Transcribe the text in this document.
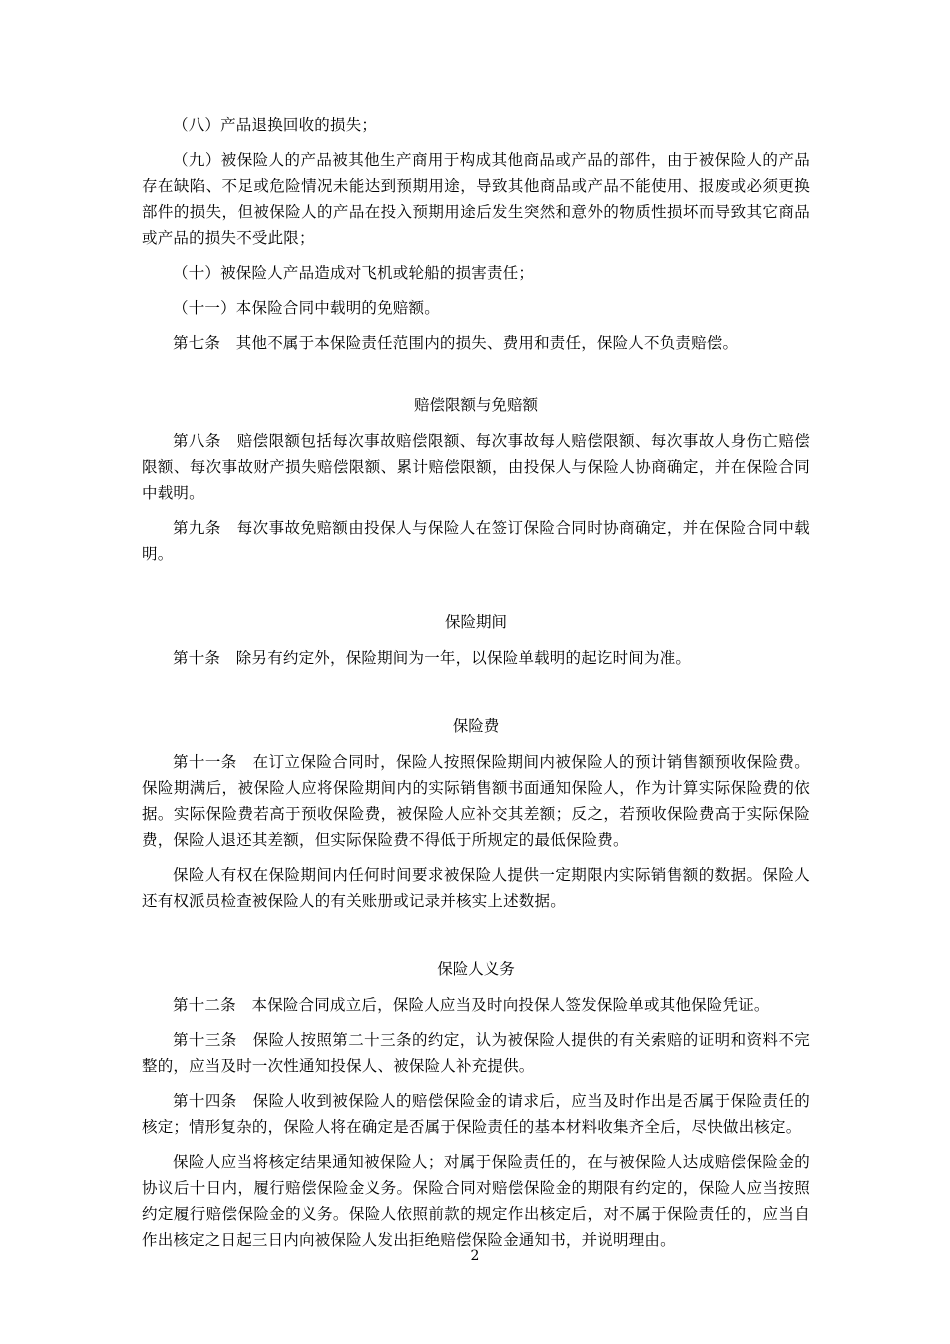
（八）产品退换回收的损失；

（九）被保险人的产品被其他生产商用于构成其他商品或产品的部件，由于被保险人的产品存在缺陷、不足或危险情况未能达到预期用途，导致其他商品或产品不能使用、报废或必须更换部件的损失，但被保险人的产品在投入预期用途后发生突然和意外的物质性损坏而导致其它商品或产品的损失不受此限；

（十）被保险人产品造成对飞机或轮船的损害责任；

（十一）本保险合同中载明的免赔额。

第七条　其他不属于本保险责任范围内的损失、费用和责任，保险人不负责赔偿。

赔偿限额与免赔额

第八条　赔偿限额包括每次事故赔偿限额、每次事故每人赔偿限额、每次事故人身伤亡赔偿限额、每次事故财产损失赔偿限额、累计赔偿限额，由投保人与保险人协商确定，并在保险合同中载明。

第九条　每次事故免赔额由投保人与保险人在签订保险合同时协商确定，并在保险合同中载明。

保险期间

第十条　除另有约定外，保险期间为一年，以保险单载明的起讫时间为准。

保险费

第十一条　在订立保险合同时，保险人按照保险期间内被保险人的预计销售额预收保险费。保险期满后，被保险人应将保险期间内的实际销售额书面通知保险人，作为计算实际保险费的依据。实际保险费若高于预收保险费，被保险人应补交其差额；反之，若预收保险费高于实际保险费，保险人退还其差额，但实际保险费不得低于所规定的最低保险费。

保险人有权在保险期间内任何时间要求被保险人提供一定期限内实际销售额的数据。保险人还有权派员检查被保险人的有关账册或记录并核实上述数据。

保险人义务

第十二条　本保险合同成立后，保险人应当及时向投保人签发保险单或其他保险凭证。

第十三条　保险人按照第二十三条的约定，认为被保险人提供的有关索赔的证明和资料不完整的，应当及时一次性通知投保人、被保险人补充提供。

第十四条　保险人收到被保险人的赔偿保险金的请求后，应当及时作出是否属于保险责任的核定；情形复杂的，保险人将在确定是否属于保险责任的基本材料收集齐全后，尽快做出核定。

保险人应当将核定结果通知被保险人；对属于保险责任的，在与被保险人达成赔偿保险金的协议后十日内，履行赔偿保险金义务。保险合同对赔偿保险金的期限有约定的，保险人应当按照约定履行赔偿保险金的义务。保险人依照前款的规定作出核定后，对不属于保险责任的，应当自作出核定之日起三日内向被保险人发出拒绝赔偿保险金通知书，并说明理由。

2
